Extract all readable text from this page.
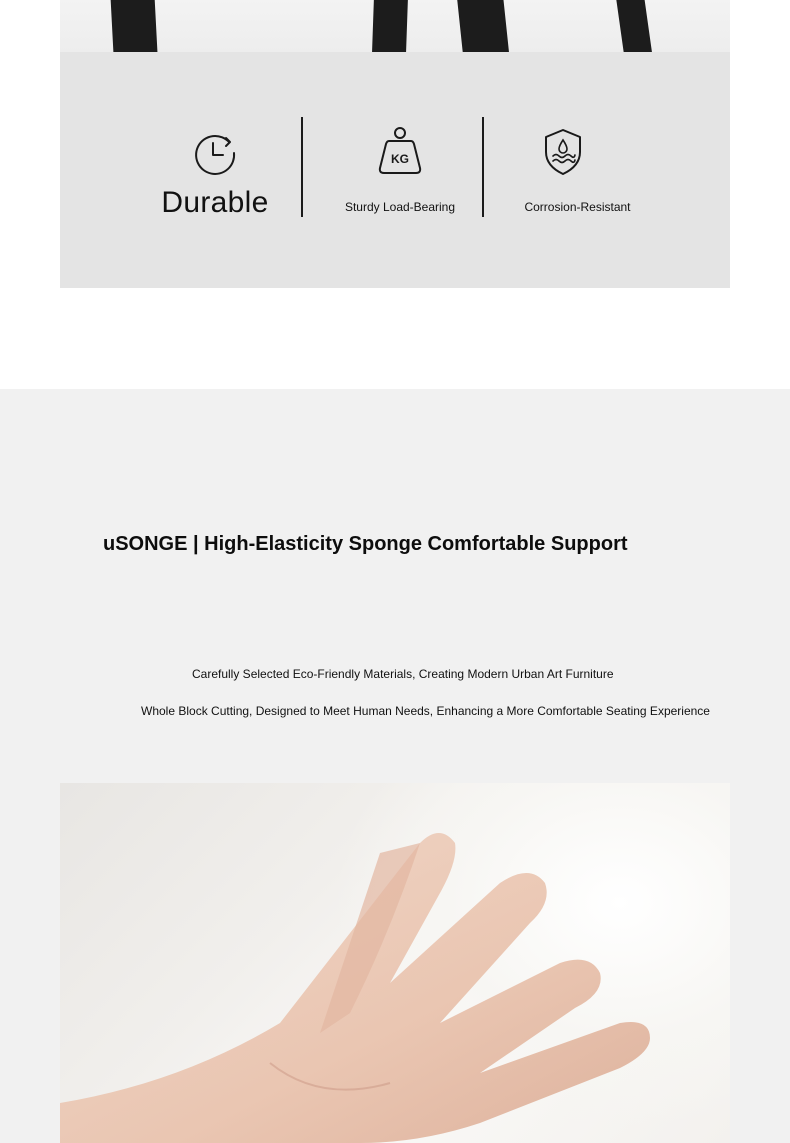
Durable
KG
Sturdy Load-Bearing	Corrosion-Resistant
uSONGE | High-Elasticity Sponge Comfortable Support
Carefully Selected Eco-Friendly Materials, Creating Modern Urban Art Furniture
Whole Block Cutting, Designed to Meet Human Needs, Enhancing a More Comfortable Seating Experience
